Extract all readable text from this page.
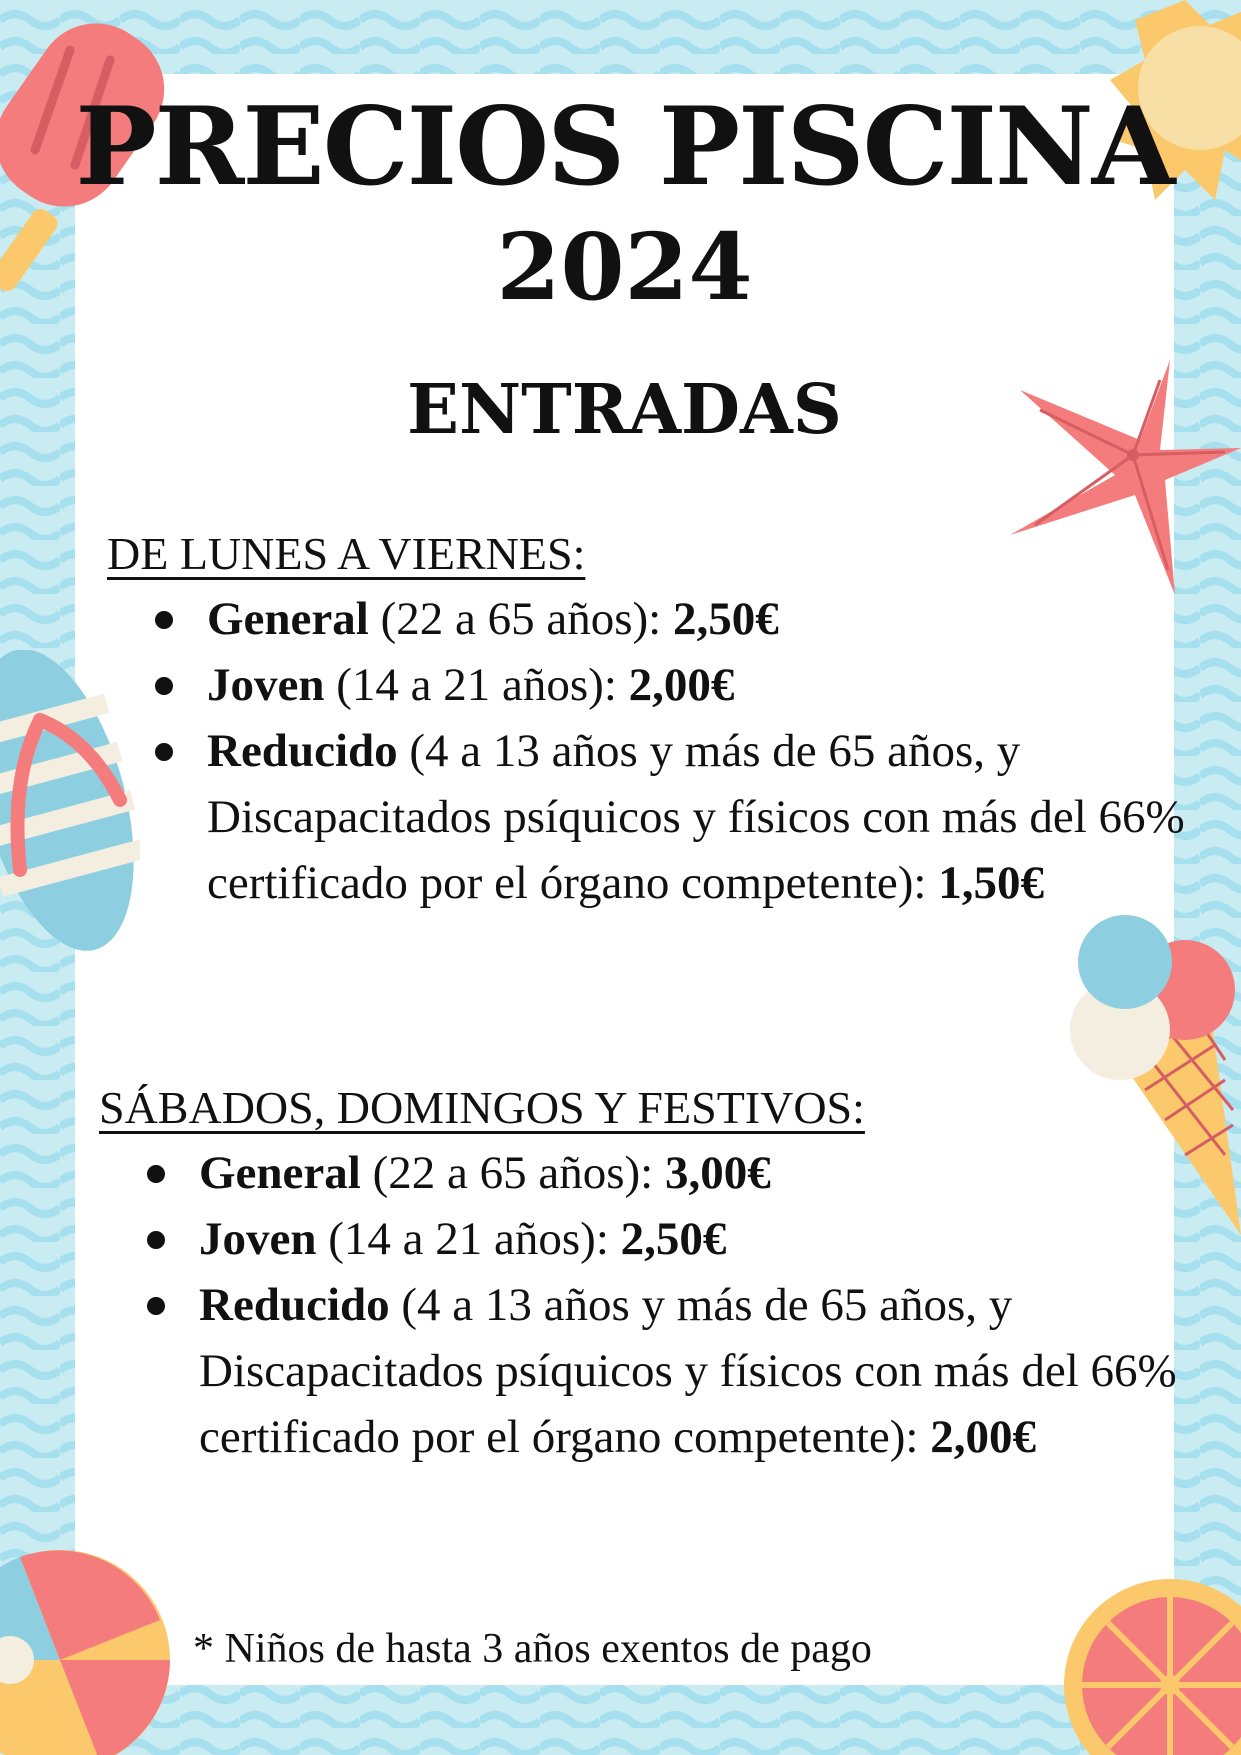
PRECIOS PISCINA
2024
ENTRADAS
DE LUNES A VIERNES:
General (22 a 65 años): 2,50€
Joven (14 a 21 años): 2,00€
Reducido (4 a 13 años y más de 65 años, y Discapacitados psíquicos y físicos con más del 66% certificado por el órgano competente): 1,50€
SÁBADOS, DOMINGOS Y FESTIVOS:
General (22 a 65 años): 3,00€
Joven (14 a 21 años): 2,50€
Reducido (4 a 13 años y más de 65 años, y Discapacitados psíquicos y físicos con más del 66% certificado por el órgano competente): 2,00€

* Niños de hasta 3 años exentos de pago
